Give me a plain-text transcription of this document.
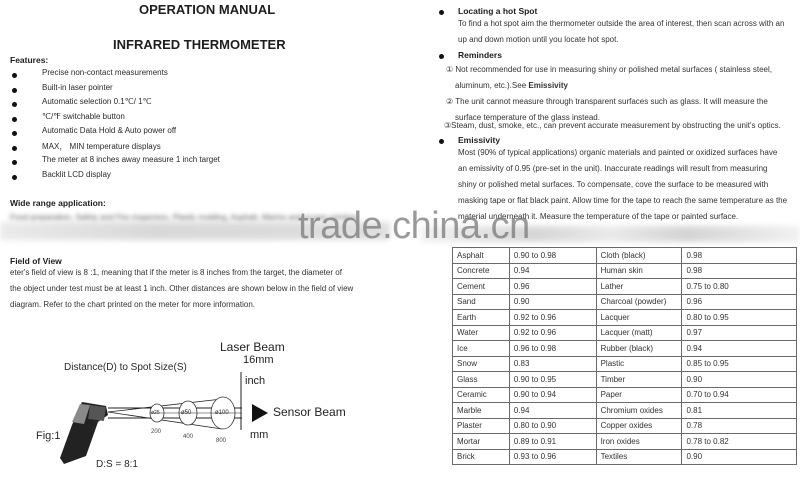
OPERATION MANUAL
INFRARED THERMOMETER
Features:
Precise non-contact measurements
Built-in laser pointer
Automatic selection 0.1℃/ 1℃
℃/℉ switchable button
Automatic Data Hold & Auto power off
MAX， MIN temperature displays
The meter at 8 inches away measure 1 inch target
Backlit LCD display
Wide range application:
Food preparation, Safety and Fire inspectors, Plastic molding, Asphalt, Marine and screen printing
Field of View
eter's field of view is 8 :1, meaning that if the meter is 8 inches from the target, the diameter of
the object under test must be at least 1 inch. Other distances are shown below in the field of view
diagram. Refer to the chart printed on the meter for more information.
Laser Beam
16mm
inch
Distance(D) to Spot Size(S)
Sensor Beam
mm
Fig:1
D:S = 8:1
ø25	ø50	ø100
200
400
800
Locating a hot Spot
To find a hot spot aim the thermometer outside the area of interest, then scan across with an
up and down motion until you locate hot spot.
Reminders
① Not recommended for use in measuring shiny or polished metal surfaces ( stainless steel,
aluminum, etc.).See Emissivity
② The unit cannot measure through transparent surfaces such as glass. It will measure the
surface temperature of the glass instead.
③Steam, dust, smoke, etc., can prevent accurate measurement by obstructing the unit's optics.
Emissivity
Most (90% of typical applications) organic materials and painted or oxidized surfaces have
an emissivity of 0.95 (pre-set in the unit). Inaccurate readings will result from measuring
shiny or polished metal surfaces. To compensate, cove the surface to be measured with
masking tape or flat black paint. Allow time for the tape to reach the same temperature as the
material underneath it. Measure the temperature of the tape or painted surface.
Asphalt	0.90 to 0.98	Cloth (black)	0.98
Concrete	0.94	Human skin	0.98
Cement	0.96	Lather	0.75 to 0.80
Sand	0.90	Charcoal (powder)	0.96
Earth	0.92 to 0.96	Lacquer	0.80 to 0.95
Water	0.92 to 0.96	Lacquer (matt)	0.97
Ice	0.96 to 0.98	Rubber (black)	0.94
Snow	0.83	Plastic	0.85 to 0.95
Glass	0.90 to 0.95	Timber	0.90
Ceramic	0.90 to 0.94	Paper	0.70 to 0.94
Marble	0.94	Chromium oxides	0.81
Plaster	0.80 to 0.90	Copper oxides	0.78
Mortar	0.89 to 0.91	Iron oxides	0.78 to 0.82
Brick	0.93 to 0.96	Textiles	0.90
trade.china.cn
